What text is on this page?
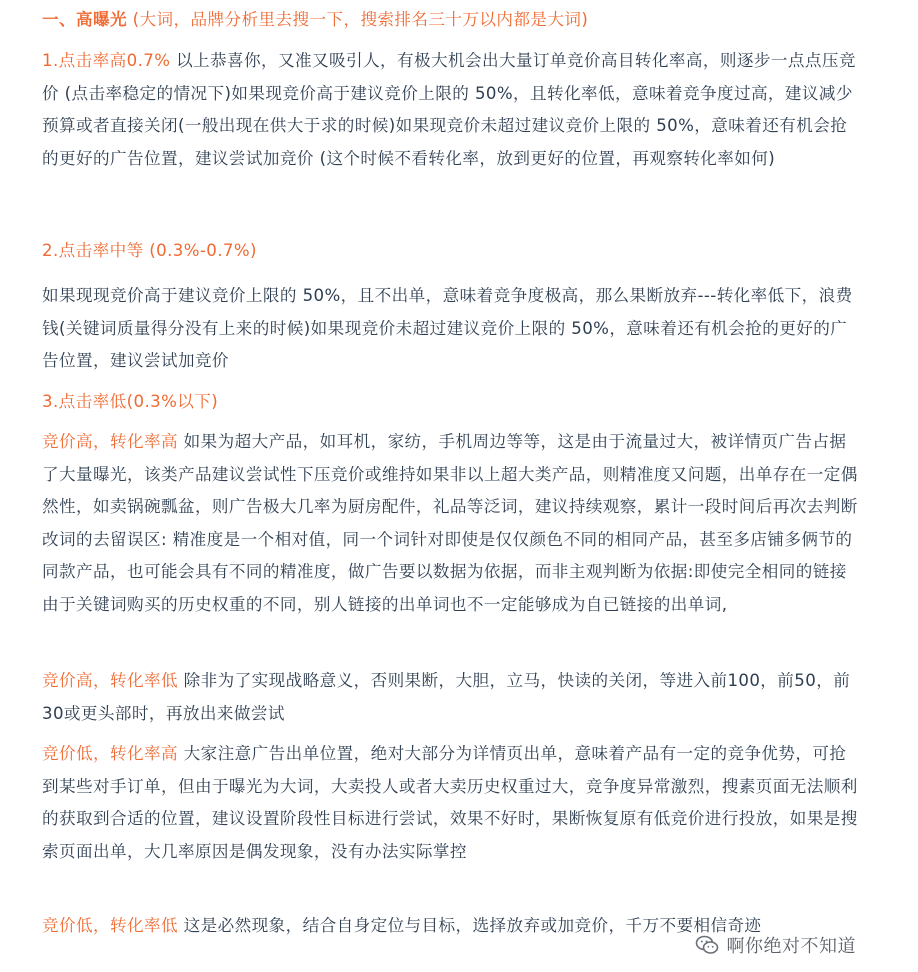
一、高曝光 (大词，品牌分析里去搜一下，搜索排名三十万以内都是大词)
1.点击率高0.7% 以上恭喜你，又准又吸引人，有极大机会出大量订单竞价高目转化率高，则逐步一点点压竞价 (点击率稳定的情况下)如果现竞价高于建议竞价上限的 50%，且转化率低，意味着竞争度过高，建议减少预算或者直接关闭(一般出现在供大于求的时候)如果现竞价未超过建议竞价上限的 50%，意味着还有机会抢的更好的广告位置，建议尝试加竞价 (这个时候不看转化率，放到更好的位置，再观察转化率如何)
2.点击率中等 (0.3%-0.7%)
如果现现竞价高于建议竞价上限的 50%，且不出单，意味着竞争度极高，那么果断放弃---转化率低下，浪费钱(关键词质量得分没有上来的时候)如果现竞价未超过建议竞价上限的 50%，意味着还有机会抢的更好的广告位置，建议尝试加竞价
3.点击率低(0.3%以下)
竞价高，转化率高 如果为超大产品，如耳机，家纺，手机周边等等，这是由于流量过大，被详情页广告占据了大量曝光，该类产品建议尝试性下压竞价或维持如果非以上超大类产品，则精准度又问题，出单存在一定偶然性，如卖锅碗瓢盆，则广告极大几率为厨房配件，礼品等泛词，建议持续观察，累计一段时间后再次去判断改词的去留误区: 精准度是一个相对值，同一个词针对即使是仅仅颜色不同的相同产品，甚至多店铺多俩节的同款产品，也可能会具有不同的精准度，做广告要以数据为依据，而非主观判断为依据:即使完全相同的链接由于关键词购买的历史权重的不同，别人链接的出单词也不一定能够成为自已链接的出单词,
竞价高，转化率低 除非为了实现战略意义，否则果断，大胆，立马，快读的关闭，等进入前100，前50，前30或更头部时，再放出来做尝试
竞价低，转化率高 大家注意广告出单位置，绝对大部分为详情页出单，意味着产品有一定的竞争优势，可抢到某些对手订单，但由于曝光为大词，大卖投人或者大卖历史权重过大，竞争度异常激烈，搜素页面无法顺利的获取到合适的位置，建议设置阶段性目标进行尝试，效果不好时，果断恢复原有低竞价进行投放，如果是搜索页面出单，大几率原因是偶发现象，没有办法实际掌控
竞价低，转化率低 这是必然现象，结合自身定位与目标，选择放弃或加竞价，千万不要相信奇迹
啊你绝对不知道
